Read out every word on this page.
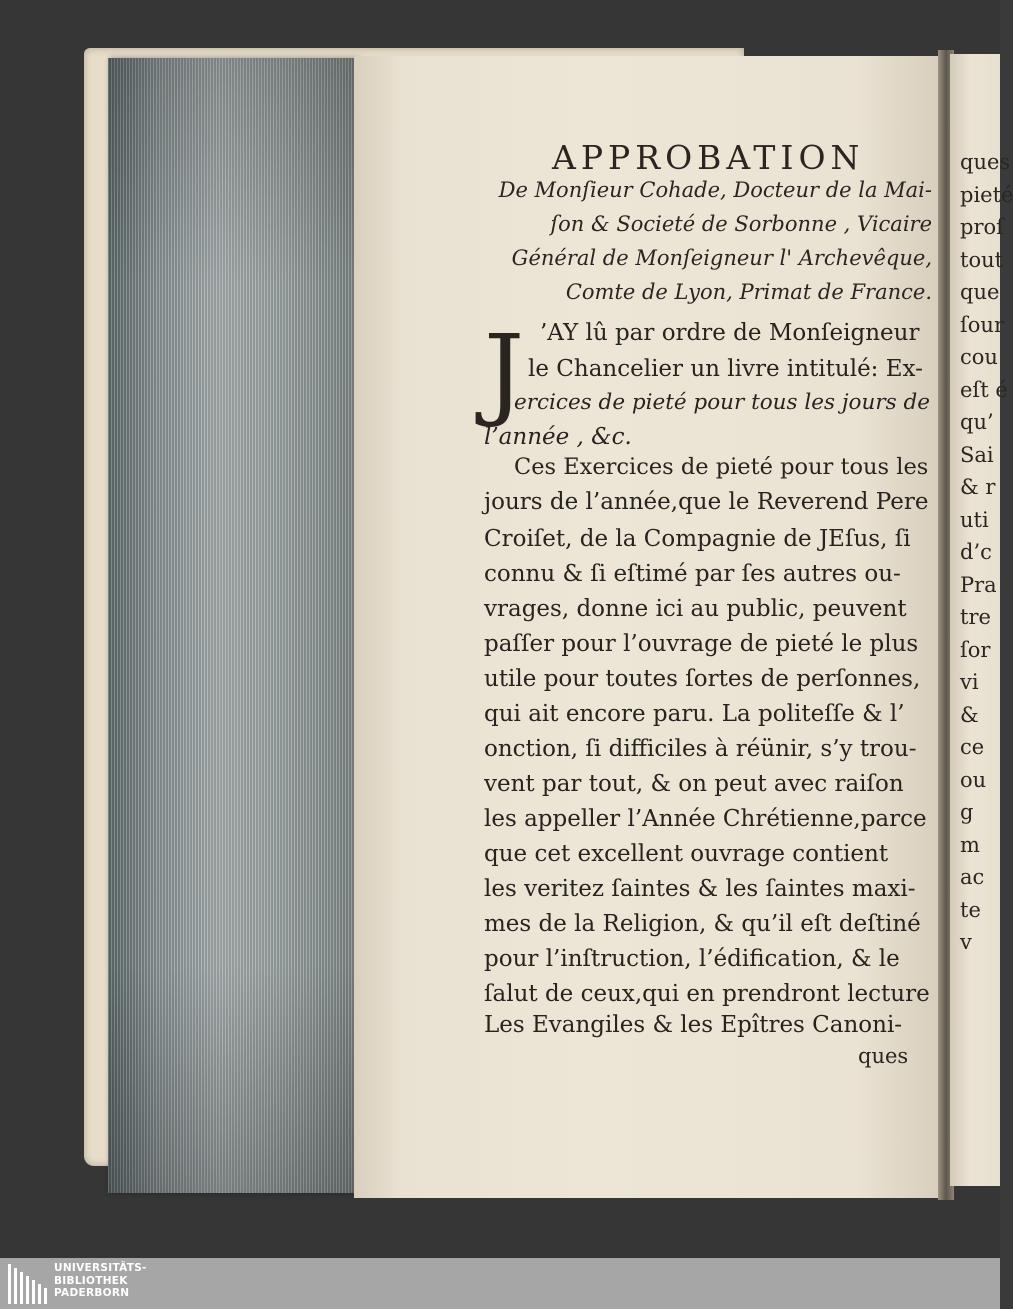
ques
pieté
proſ
tout
que
ſour
cou
eſt é
qu’
Sai
& r
uti
d’c
Pra
tre
ſor
vi
&
ce
ou
g
m
ac
te
v
APPROBATION
De Monſieur Cohade, Docteur de la Mai-
ſon & Societé de Sorbonne , Vicaire
Général de Monſeigneur l' Archevêque,
Comte de Lyon, Primat de France.
J ’AY lû par ordre de Monſeigneur
le Chancelier un livre intitulé: Ex-
ercices de pieté pour tous les jours de
l’année , &c.
Ces Exercices de pieté pour tous les
jours de l’année,que le Reverend Pere
Croiſet, de la Compagnie de JEſus, ſi
connu & ſi eſtimé par ſes autres ou-
vrages, donne ici au public, peuvent
paſſer pour l’ouvrage de pieté le plus
utile pour toutes ſortes de perſonnes,
qui ait encore paru. La politeſſe & l’
onction, ſi difficiles à réünir, s’y trou-
vent par tout, & on peut avec raiſon
les appeller l’Année Chrétienne,parce
que cet excellent ouvrage contient
les veritez ſaintes & les ſaintes maxi-
mes de la Religion, & qu’il eſt deſtiné
pour l’inſtruction, l’édification, & le
ſalut de ceux,qui en prendront lecture
Les Evangiles & les Epîtres Canoni-
ques
UNIVERSITÄTS-
BIBLIOTHEK
PADERBORN
